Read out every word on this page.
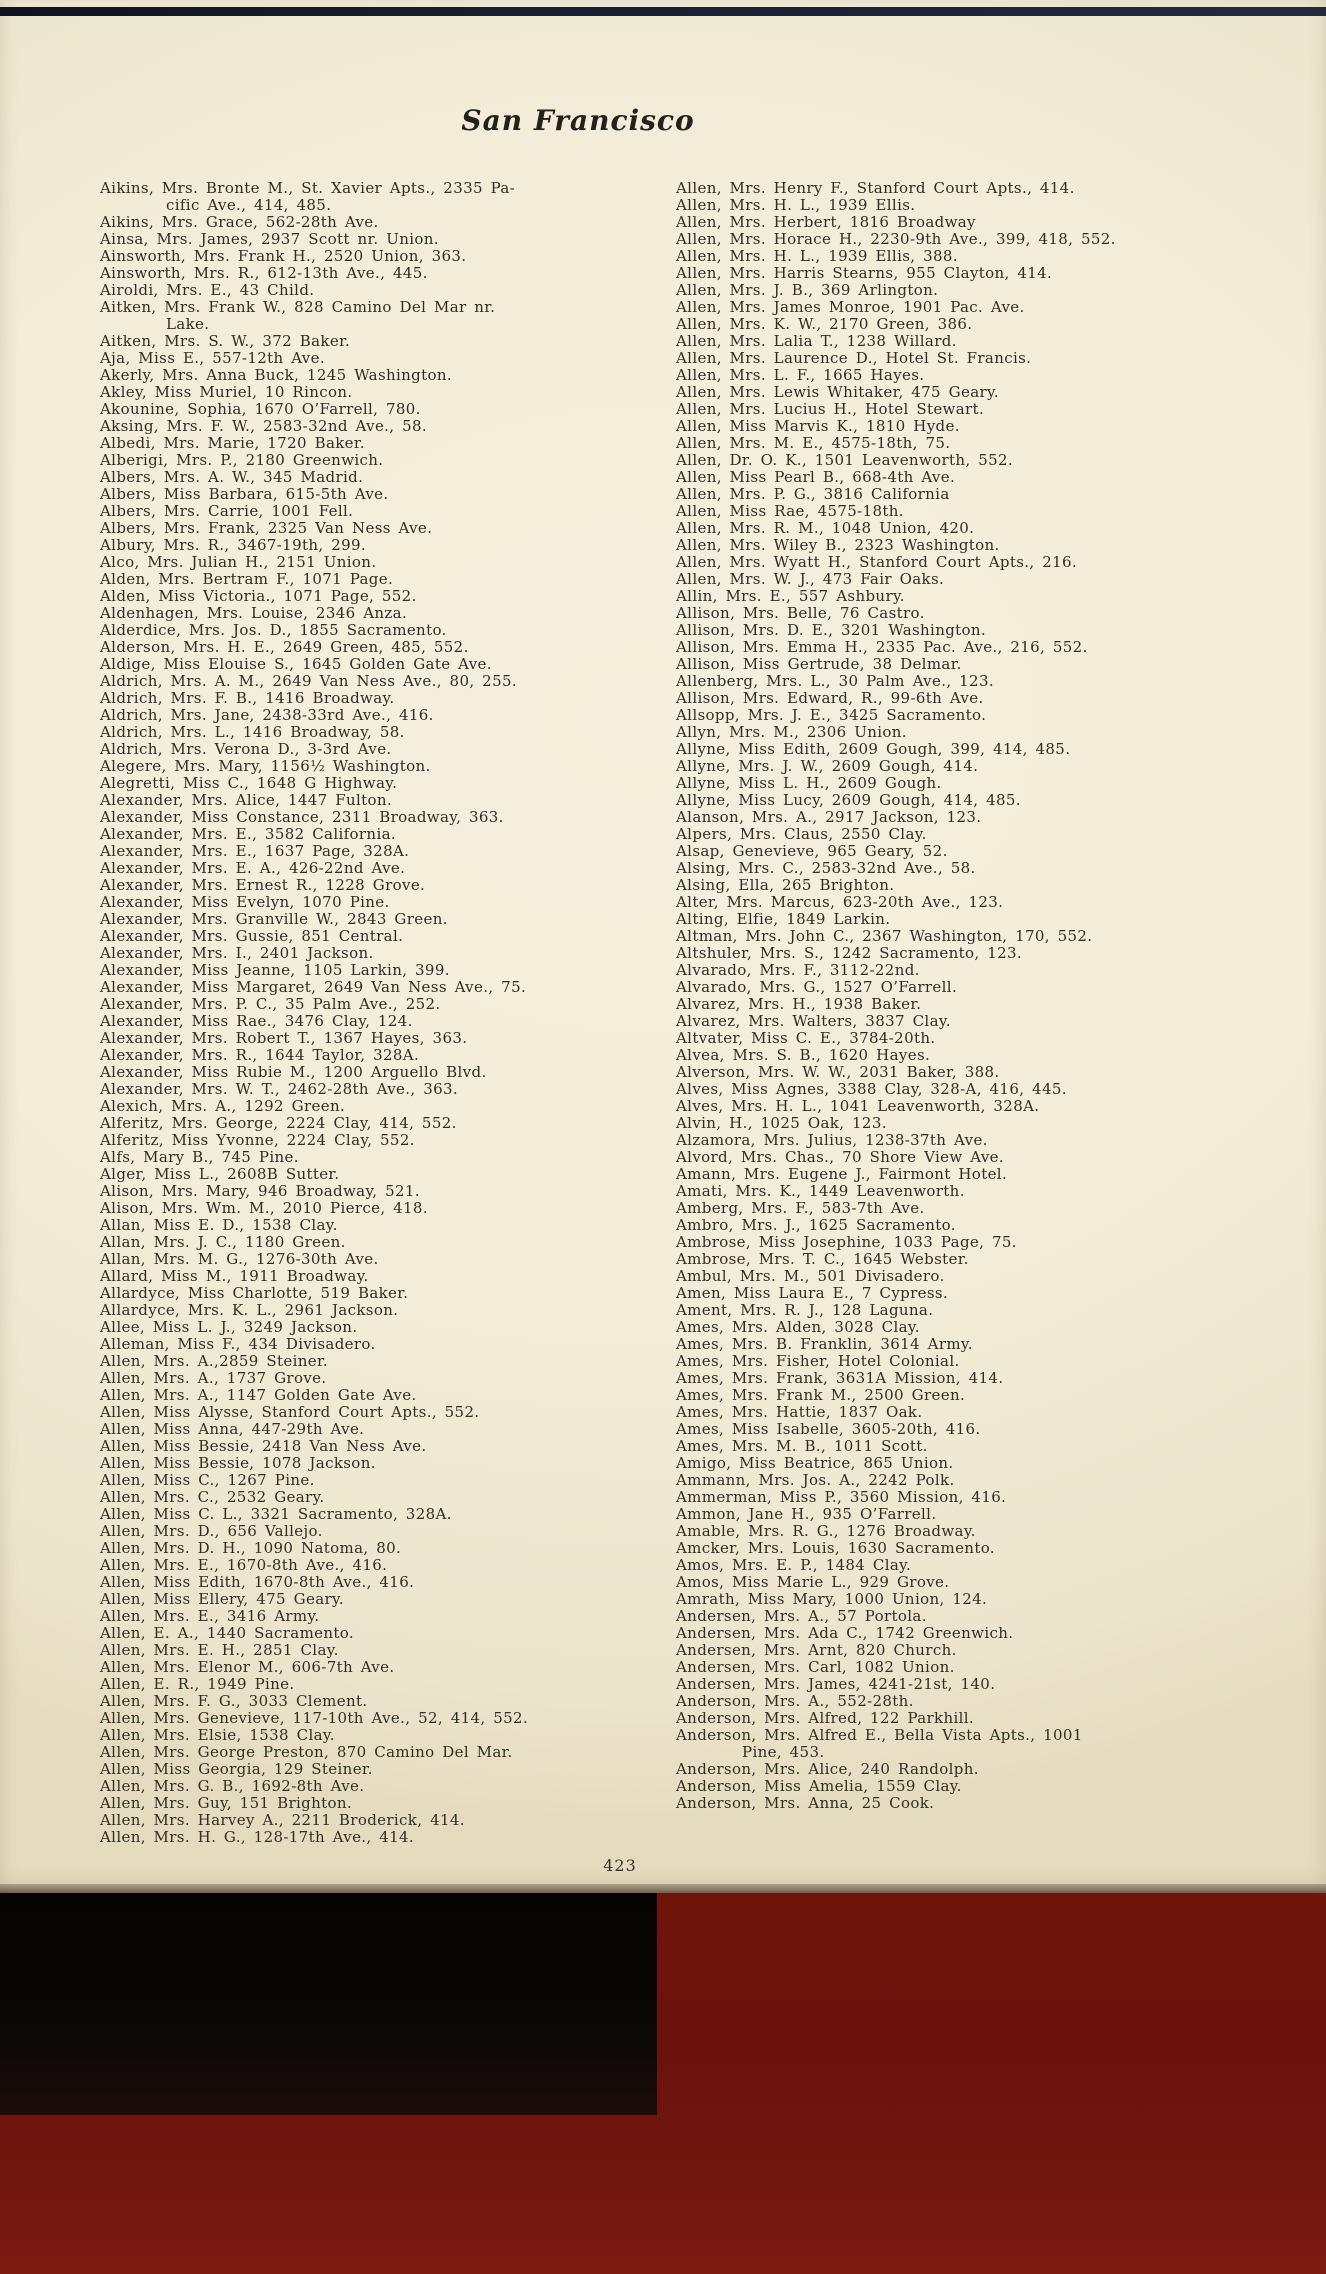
San Francisco
Aikins, Mrs. Bronte M., St. Xavier Apts., 2335 Pa-
cific Ave., 414, 485.
Aikins, Mrs. Grace, 562-28th Ave.
Ainsa, Mrs. James, 2937 Scott nr. Union.
Ainsworth, Mrs. Frank H., 2520 Union, 363.
Ainsworth, Mrs. R., 612-13th Ave., 445.
Airoldi, Mrs. E., 43 Child.
Aitken, Mrs. Frank W., 828 Camino Del Mar nr.
Lake.
Aitken, Mrs. S. W., 372 Baker.
Aja, Miss E., 557-12th Ave.
Akerly, Mrs. Anna Buck, 1245 Washington.
Akley, Miss Muriel, 10 Rincon.
Akounine, Sophia, 1670 O’Farrell, 780.
Aksing, Mrs. F. W., 2583-32nd Ave., 58.
Albedi, Mrs. Marie, 1720 Baker.
Alberigi, Mrs. P., 2180 Greenwich.
Albers, Mrs. A. W., 345 Madrid.
Albers, Miss Barbara, 615-5th Ave.
Albers, Mrs. Carrie, 1001 Fell.
Albers, Mrs. Frank, 2325 Van Ness Ave.
Albury, Mrs. R., 3467-19th, 299.
Alco, Mrs. Julian H., 2151 Union.
Alden, Mrs. Bertram F., 1071 Page.
Alden, Miss Victoria., 1071 Page, 552.
Aldenhagen, Mrs. Louise, 2346 Anza.
Alderdice, Mrs. Jos. D., 1855 Sacramento.
Alderson, Mrs. H. E., 2649 Green, 485, 552.
Aldige, Miss Elouise S., 1645 Golden Gate Ave.
Aldrich, Mrs. A. M., 2649 Van Ness Ave., 80, 255.
Aldrich, Mrs. F. B., 1416 Broadway.
Aldrich, Mrs. Jane, 2438-33rd Ave., 416.
Aldrich, Mrs. L., 1416 Broadway, 58.
Aldrich, Mrs. Verona D., 3-3rd Ave.
Alegere, Mrs. Mary, 1156½ Washington.
Alegretti, Miss C., 1648 G Highway.
Alexander, Mrs. Alice, 1447 Fulton.
Alexander, Miss Constance, 2311 Broadway, 363.
Alexander, Mrs. E., 3582 California.
Alexander, Mrs. E., 1637 Page, 328A.
Alexander, Mrs. E. A., 426-22nd Ave.
Alexander, Mrs. Ernest R., 1228 Grove.
Alexander, Miss Evelyn, 1070 Pine.
Alexander, Mrs. Granville W., 2843 Green.
Alexander, Mrs. Gussie, 851 Central.
Alexander, Mrs. I., 2401 Jackson.
Alexander, Miss Jeanne, 1105 Larkin, 399.
Alexander, Miss Margaret, 2649 Van Ness Ave., 75.
Alexander, Mrs. P. C., 35 Palm Ave., 252.
Alexander, Miss Rae., 3476 Clay, 124.
Alexander, Mrs. Robert T., 1367 Hayes, 363.
Alexander, Mrs. R., 1644 Taylor, 328A.
Alexander, Miss Rubie M., 1200 Arguello Blvd.
Alexander, Mrs. W. T., 2462-28th Ave., 363.
Alexich, Mrs. A., 1292 Green.
Alferitz, Mrs. George, 2224 Clay, 414, 552.
Alferitz, Miss Yvonne, 2224 Clay, 552.
Alfs, Mary B., 745 Pine.
Alger, Miss L., 2608B Sutter.
Alison, Mrs. Mary, 946 Broadway, 521.
Alison, Mrs. Wm. M., 2010 Pierce, 418.
Allan, Miss E. D., 1538 Clay.
Allan, Mrs. J. C., 1180 Green.
Allan, Mrs. M. G., 1276-30th Ave.
Allard, Miss M., 1911 Broadway.
Allardyce, Miss Charlotte, 519 Baker.
Allardyce, Mrs. K. L., 2961 Jackson.
Allee, Miss L. J., 3249 Jackson.
Alleman, Miss F., 434 Divisadero.
Allen, Mrs. A.,2859 Steiner.
Allen, Mrs. A., 1737 Grove.
Allen, Mrs. A., 1147 Golden Gate Ave.
Allen, Miss Alysse, Stanford Court Apts., 552.
Allen, Miss Anna, 447-29th Ave.
Allen, Miss Bessie, 2418 Van Ness Ave.
Allen, Miss Bessie, 1078 Jackson.
Allen, Miss C., 1267 Pine.
Allen, Mrs. C., 2532 Geary.
Allen, Miss C. L., 3321 Sacramento, 328A.
Allen, Mrs. D., 656 Vallejo.
Allen, Mrs. D. H., 1090 Natoma, 80.
Allen, Mrs. E., 1670-8th Ave., 416.
Allen, Miss Edith, 1670-8th Ave., 416.
Allen, Miss Ellery, 475 Geary.
Allen, Mrs. E., 3416 Army.
Allen, E. A., 1440 Sacramento.
Allen, Mrs. E. H., 2851 Clay.
Allen, Mrs. Elenor M., 606-7th Ave.
Allen, E. R., 1949 Pine.
Allen, Mrs. F. G., 3033 Clement.
Allen, Mrs. Genevieve, 117-10th Ave., 52, 414, 552.
Allen, Mrs. Elsie, 1538 Clay.
Allen, Mrs. George Preston, 870 Camino Del Mar.
Allen, Miss Georgia, 129 Steiner.
Allen, Mrs. G. B., 1692-8th Ave.
Allen, Mrs. Guy, 151 Brighton.
Allen, Mrs. Harvey A., 2211 Broderick, 414.
Allen, Mrs. H. G., 128-17th Ave., 414.
Allen, Mrs. Henry F., Stanford Court Apts., 414.
Allen, Mrs. H. L., 1939 Ellis.
Allen, Mrs. Herbert, 1816 Broadway
Allen, Mrs. Horace H., 2230-9th Ave., 399, 418, 552.
Allen, Mrs. H. L., 1939 Ellis, 388.
Allen, Mrs. Harris Stearns, 955 Clayton, 414.
Allen, Mrs. J. B., 369 Arlington.
Allen, Mrs. James Monroe, 1901 Pac. Ave.
Allen, Mrs. K. W., 2170 Green, 386.
Allen, Mrs. Lalia T., 1238 Willard.
Allen, Mrs. Laurence D., Hotel St. Francis.
Allen, Mrs. L. F., 1665 Hayes.
Allen, Mrs. Lewis Whitaker, 475 Geary.
Allen, Mrs. Lucius H., Hotel Stewart.
Allen, Miss Marvis K., 1810 Hyde.
Allen, Mrs. M. E., 4575-18th, 75.
Allen, Dr. O. K., 1501 Leavenworth, 552.
Allen, Miss Pearl B., 668-4th Ave.
Allen, Mrs. P. G., 3816 California
Allen, Miss Rae, 4575-18th.
Allen, Mrs. R. M., 1048 Union, 420.
Allen, Mrs. Wiley B., 2323 Washington.
Allen, Mrs. Wyatt H., Stanford Court Apts., 216.
Allen, Mrs. W. J., 473 Fair Oaks.
Allin, Mrs. E., 557 Ashbury.
Allison, Mrs. Belle, 76 Castro.
Allison, Mrs. D. E., 3201 Washington.
Allison, Mrs. Emma H., 2335 Pac. Ave., 216, 552.
Allison, Miss Gertrude, 38 Delmar.
Allenberg, Mrs. L., 30 Palm Ave., 123.
Allison, Mrs. Edward, R., 99-6th Ave.
Allsopp, Mrs. J. E., 3425 Sacramento.
Allyn, Mrs. M., 2306 Union.
Allyne, Miss Edith, 2609 Gough, 399, 414, 485.
Allyne, Mrs. J. W., 2609 Gough, 414.
Allyne, Miss L. H., 2609 Gough.
Allyne, Miss Lucy, 2609 Gough, 414, 485.
Alanson, Mrs. A., 2917 Jackson, 123.
Alpers, Mrs. Claus, 2550 Clay.
Alsap, Genevieve, 965 Geary, 52.
Alsing, Mrs. C., 2583-32nd Ave., 58.
Alsing, Ella, 265 Brighton.
Alter, Mrs. Marcus, 623-20th Ave., 123.
Alting, Elfie, 1849 Larkin.
Altman, Mrs. John C., 2367 Washington, 170, 552.
Altshuler, Mrs. S., 1242 Sacramento, 123.
Alvarado, Mrs. F., 3112-22nd.
Alvarado, Mrs. G., 1527 O’Farrell.
Alvarez, Mrs. H., 1938 Baker.
Alvarez, Mrs. Walters, 3837 Clay.
Altvater, Miss C. E., 3784-20th.
Alvea, Mrs. S. B., 1620 Hayes.
Alverson, Mrs. W. W., 2031 Baker, 388.
Alves, Miss Agnes, 3388 Clay, 328-A, 416, 445.
Alves, Mrs. H. L., 1041 Leavenworth, 328A.
Alvin, H., 1025 Oak, 123.
Alzamora, Mrs. Julius, 1238-37th Ave.
Alvord, Mrs. Chas., 70 Shore View Ave.
Amann, Mrs. Eugene J., Fairmont Hotel.
Amati, Mrs. K., 1449 Leavenworth.
Amberg, Mrs. F., 583-7th Ave.
Ambro, Mrs. J., 1625 Sacramento.
Ambrose, Miss Josephine, 1033 Page, 75.
Ambrose, Mrs. T. C., 1645 Webster.
Ambul, Mrs. M., 501 Divisadero.
Amen, Miss Laura E., 7 Cypress.
Ament, Mrs. R. J., 128 Laguna.
Ames, Mrs. Alden, 3028 Clay.
Ames, Mrs. B. Franklin, 3614 Army.
Ames, Mrs. Fisher, Hotel Colonial.
Ames, Mrs. Frank, 3631A Mission, 414.
Ames, Mrs. Frank M., 2500 Green.
Ames, Mrs. Hattie, 1837 Oak.
Ames, Miss Isabelle, 3605-20th, 416.
Ames, Mrs. M. B., 1011 Scott.
Amigo, Miss Beatrice, 865 Union.
Ammann, Mrs. Jos. A., 2242 Polk.
Ammerman, Miss P., 3560 Mission, 416.
Ammon, Jane H., 935 O’Farrell.
Amable, Mrs. R. G., 1276 Broadway.
Amcker, Mrs. Louis, 1630 Sacramento.
Amos, Mrs. E. P., 1484 Clay.
Amos, Miss Marie L., 929 Grove.
Amrath, Miss Mary, 1000 Union, 124.
Andersen, Mrs. A., 57 Portola.
Andersen, Mrs. Ada C., 1742 Greenwich.
Andersen, Mrs. Arnt, 820 Church.
Andersen, Mrs. Carl, 1082 Union.
Andersen, Mrs. James, 4241-21st, 140.
Anderson, Mrs. A., 552-28th.
Anderson, Mrs. Alfred, 122 Parkhill.
Anderson, Mrs. Alfred E., Bella Vista Apts., 1001
Pine, 453.
Anderson, Mrs. Alice, 240 Randolph.
Anderson, Miss Amelia, 1559 Clay.
Anderson, Mrs. Anna, 25 Cook.
423
